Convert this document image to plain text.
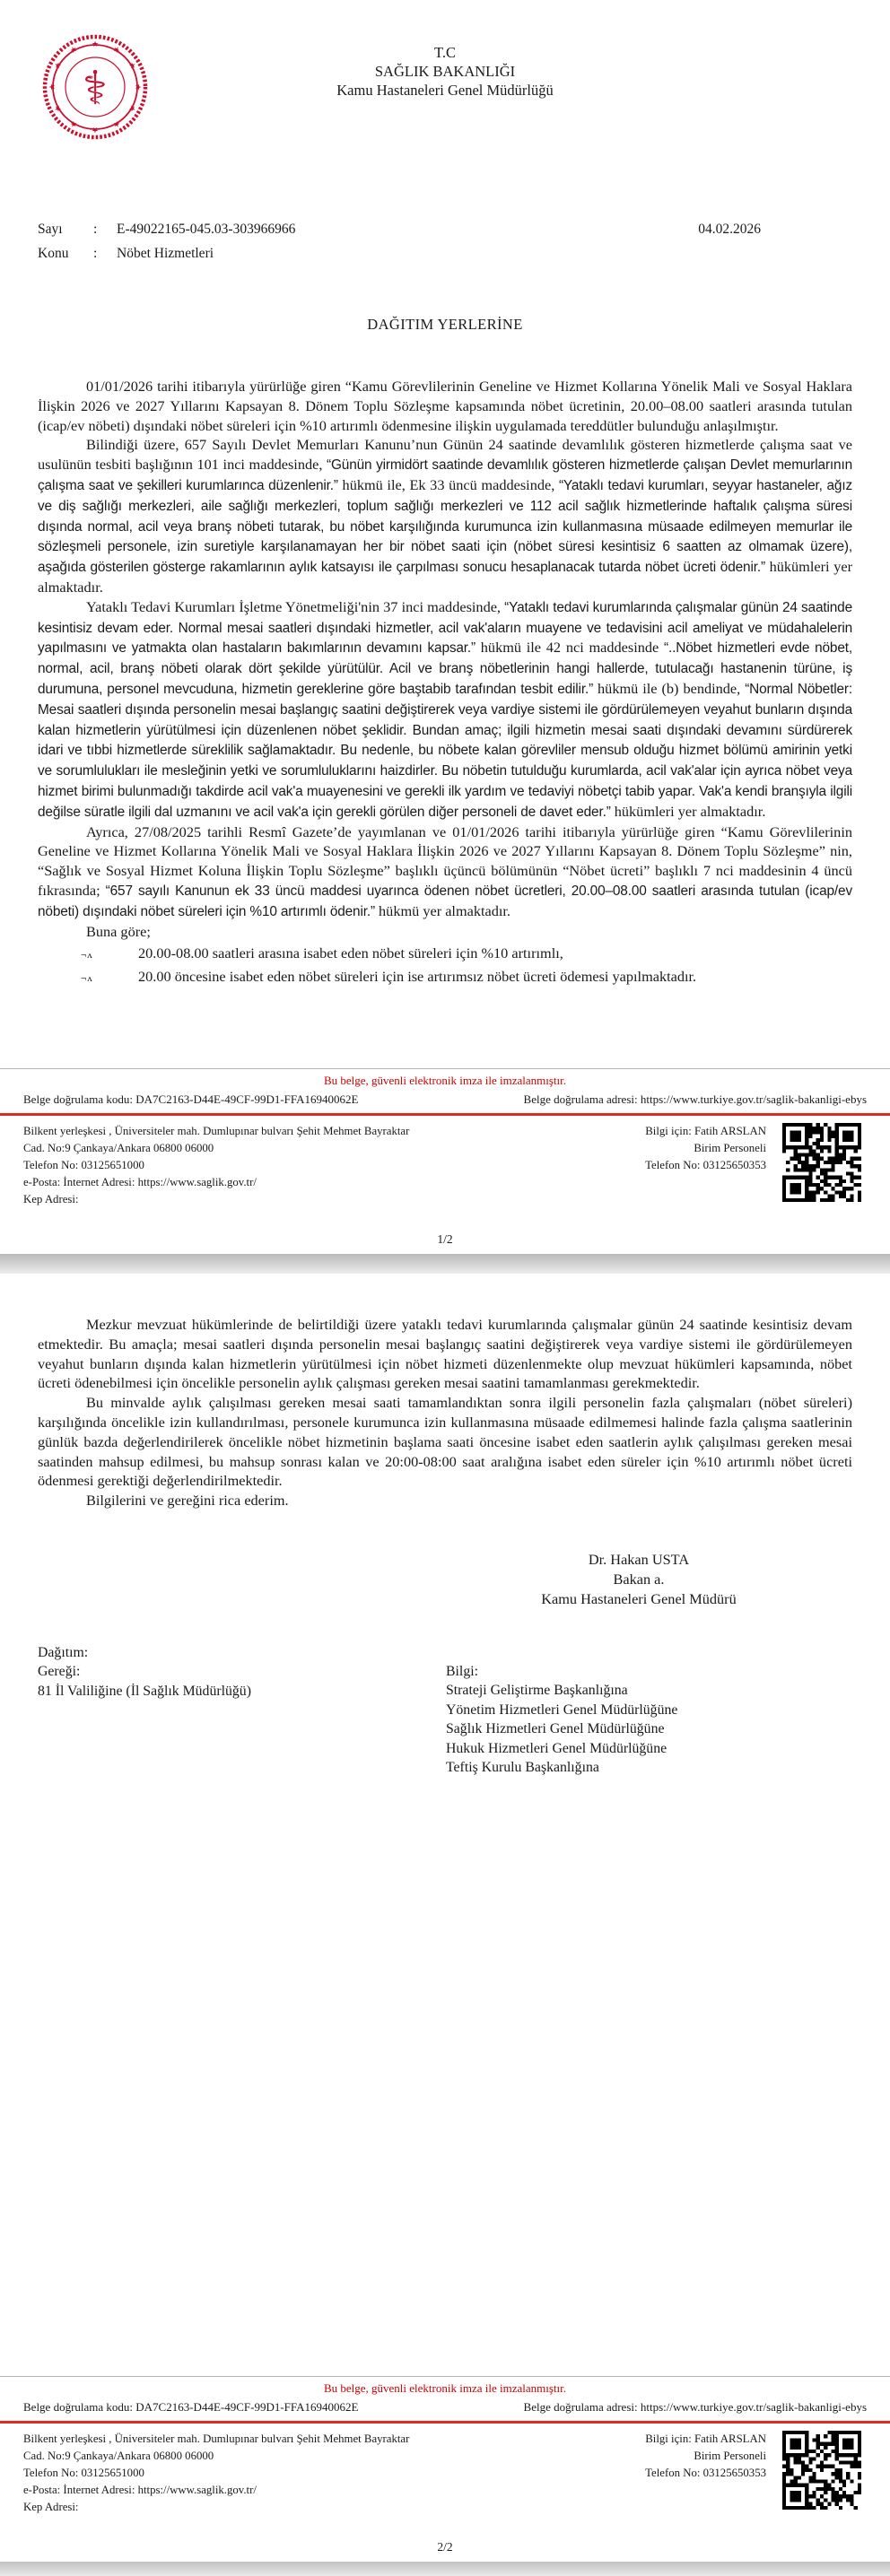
★ ★
★
★
★
★
★
★
★
★
★
★
⚕
T.C
SAĞLIK BAKANLIĞI
Kamu Hastaneleri Genel Müdürlüğü
Sayı	:	E-49022165-045.03-303966966	04.02.2026
Konu	:	Nöbet Hizmetleri
DAĞITIM YERLERİNE

01/01/2026 tarihi itibarıyla yürürlüğe giren “Kamu Görevlilerinin Geneline ve Hizmet Kollarına Yönelik Mali ve Sosyal Haklara İlişkin 2026 ve 2027 Yıllarını Kapsayan 8. Dönem Toplu Sözleşme kapsamında nöbet ücretinin, 20.00–08.00 saatleri arasında tutulan (icap/ev nöbeti) dışındaki nöbet süreleri için %10 artırımlı ödenmesine ilişkin uygulamada tereddütler bulunduğu anlaşılmıştır.

Bilindiği üzere, 657 Sayılı Devlet Memurları Kanunu’nun Günün 24 saatinde devamlılık gösteren hizmetlerde çalışma saat ve usulünün tesbiti başlığının 101 inci maddesinde, “Günün yirmidört saatinde devamlılık gösteren hizmetlerde çalışan Devlet memurlarının çalışma saat ve şekilleri kurumlarınca düzenlenir.” hükmü ile, Ek 33 üncü maddesinde, “Yataklı tedavi kurumları, seyyar hastaneler, ağız ve diş sağlığı merkezleri, aile sağlığı merkezleri, toplum sağlığı merkezleri ve 112 acil sağlık hizmetlerinde haftalık çalışma süresi dışında normal, acil veya branş nöbeti tutarak, bu nöbet karşılığında kurumunca izin kullanmasına müsaade edilmeyen memurlar ile sözleşmeli personele, izin suretiyle karşılanamayan her bir nöbet saati için (nöbet süresi kesintisiz 6 saatten az olmamak üzere), aşağıda gösterilen gösterge rakamlarının aylık katsayısı ile çarpılması sonucu hesaplanacak tutarda nöbet ücreti ödenir.” hükümleri yer almaktadır.

Yataklı Tedavi Kurumları İşletme Yönetmeliği'nin 37 inci maddesinde, “Yataklı tedavi kurumlarında çalışmalar günün 24 saatinde kesintisiz devam eder. Normal mesai saatleri dışındaki hizmetler, acil vak'aların muayene ve tedavisini acil ameliyat ve müdahalelerin yapılmasını ve yatmakta olan hastaların bakımlarının devamını kapsar.” hükmü ile 42 nci maddesinde “..Nöbet hizmetleri evde nöbet, normal, acil, branş nöbeti olarak dört şekilde yürütülür. Acil ve branş nöbetlerinin hangi hallerde, tutulacağı hastanenin türüne, iş durumuna, personel mevcuduna, hizmetin gereklerine göre baştabib tarafından tesbit edilir.” hükmü ile (b) bendinde, “Normal Nöbetler: Mesai saatleri dışında personelin mesai başlangıç saatini değiştirerek veya vardiye sistemi ile gördürülemeyen veyahut bunların dışında kalan hizmetlerin yürütülmesi için düzenlenen nöbet şeklidir. Bundan amaç; ilgili hizmetin mesai saati dışındaki devamını sürdürerek idari ve tıbbi hizmetlerde süreklilik sağlamaktadır. Bu nedenle, bu nöbete kalan görevliler mensub olduğu hizmet bölümü amirinin yetki ve sorumlulukları ile mesleğinin yetki ve sorumluluklarını haizdirler. Bu nöbetin tutulduğu kurumlarda, acil vak'alar için ayrıca nöbet veya hizmet birimi bulunmadığı takdirde acil vak'a muayenesini ve gerekli ilk yardım ve tedaviyi nöbetçi tabib yapar. Vak'a kendi branşıyla ilgili değilse süratle ilgili dal uzmanını ve acil vak'a için gerekli görülen diğer personeli de davet eder.” hükümleri yer almaktadır.

Ayrıca, 27/08/2025 tarihli Resmî Gazete’de yayımlanan ve 01/01/2026 tarihi itibarıyla yürürlüğe giren “Kamu Görevlilerinin Geneline ve Hizmet Kollarına Yönelik Mali ve Sosyal Haklara İlişkin 2026 ve 2027 Yıllarını Kapsayan 8. Dönem Toplu Sözleşme” nin, “Sağlık ve Sosyal Hizmet Koluna İlişkin Toplu Sözleşme” başlıklı üçüncü bölümünün “Nöbet ücreti” başlıklı 7 nci maddesinin 4 üncü fıkrasında; “657 sayılı Kanunun ek 33 üncü maddesi uyarınca ödenen nöbet ücretleri, 20.00–08.00 saatleri arasında tutulan (icap/ev nöbeti) dışındaki nöbet süreleri için %10 artırımlı ödenir.” hükmü yer almaktadır.

Buna göre;

¬ʌ	20.00-08.00 saatleri arasına isabet eden nöbet süreleri için %10 artırımlı,
¬ʌ	20.00 öncesine isabet eden nöbet süreleri için ise artırımsız nöbet ücreti ödemesi yapılmaktadır.
Bu belge, güvenli elektronik imza ile imzalanmıştır.
Belge doğrulama kodu: DA7C2163-D44E-49CF-99D1-FFA16940062E	Belge doğrulama adresi: https://www.turkiye.gov.tr/saglik-bakanligi-ebys
Bilkent yerleşkesi , Üniversiteler mah. Dumlupınar bulvarı Şehit Mehmet Bayraktar
Cad. No:9 Çankaya/Ankara 06800 06000
Telefon No: 03125651000
e-Posta: İnternet Adresi: https://www.saglik.gov.tr/
Kep Adresi:
Bilgi için: Fatih ARSLAN
Birim Personeli
Telefon No: 03125650353
1/2

Mezkur mevzuat hükümlerinde de belirtildiği üzere yataklı tedavi kurumlarında çalışmalar günün 24 saatinde kesintisiz devam etmektedir. Bu amaçla; mesai saatleri dışında personelin mesai başlangıç saatini değiştirerek veya vardiye sistemi ile gördürülemeyen veyahut bunların dışında kalan hizmetlerin yürütülmesi için nöbet hizmeti düzenlenmekte olup mevzuat hükümleri kapsamında, nöbet ücreti ödenebilmesi için öncelikle personelin aylık çalışması gereken mesai saatini tamamlanması gerekmektedir.

Bu minvalde aylık çalışılması gereken mesai saati tamamlandıktan sonra ilgili personelin fazla çalışmaları (nöbet süreleri) karşılığında öncelikle izin kullandırılması, personele kurumunca izin kullanmasına müsaade edilmemesi halinde fazla çalışma saatlerinin günlük bazda değerlendirilerek öncelikle nöbet hizmetinin başlama saati öncesine isabet eden saatlerin aylık çalışılması gereken mesai saatinden mahsup edilmesi, bu mahsup sonrası kalan ve 20:00-08:00 saat aralığına isabet eden süreler için %10 artırımlı nöbet ücreti ödenmesi gerektiği değerlendirilmektedir.

Bilgilerini ve gereğini rica ederim.

Dr. Hakan USTA
Bakan a.
Kamu Hastaneleri Genel Müdürü
Dağıtım:
Gereği:
81 İl Valiliğine (İl Sağlık Müdürlüğü)
Bilgi:
Strateji Geliştirme Başkanlığına
Yönetim Hizmetleri Genel Müdürlüğüne
Sağlık Hizmetleri Genel Müdürlüğüne
Hukuk Hizmetleri Genel Müdürlüğüne
Teftiş Kurulu Başkanlığına
Bu belge, güvenli elektronik imza ile imzalanmıştır.
Belge doğrulama kodu: DA7C2163-D44E-49CF-99D1-FFA16940062E	Belge doğrulama adresi: https://www.turkiye.gov.tr/saglik-bakanligi-ebys
Bilkent yerleşkesi , Üniversiteler mah. Dumlupınar bulvarı Şehit Mehmet Bayraktar
Cad. No:9 Çankaya/Ankara 06800 06000
Telefon No: 03125651000
e-Posta: İnternet Adresi: https://www.saglik.gov.tr/
Kep Adresi:
Bilgi için: Fatih ARSLAN
Birim Personeli
Telefon No: 03125650353
2/2
